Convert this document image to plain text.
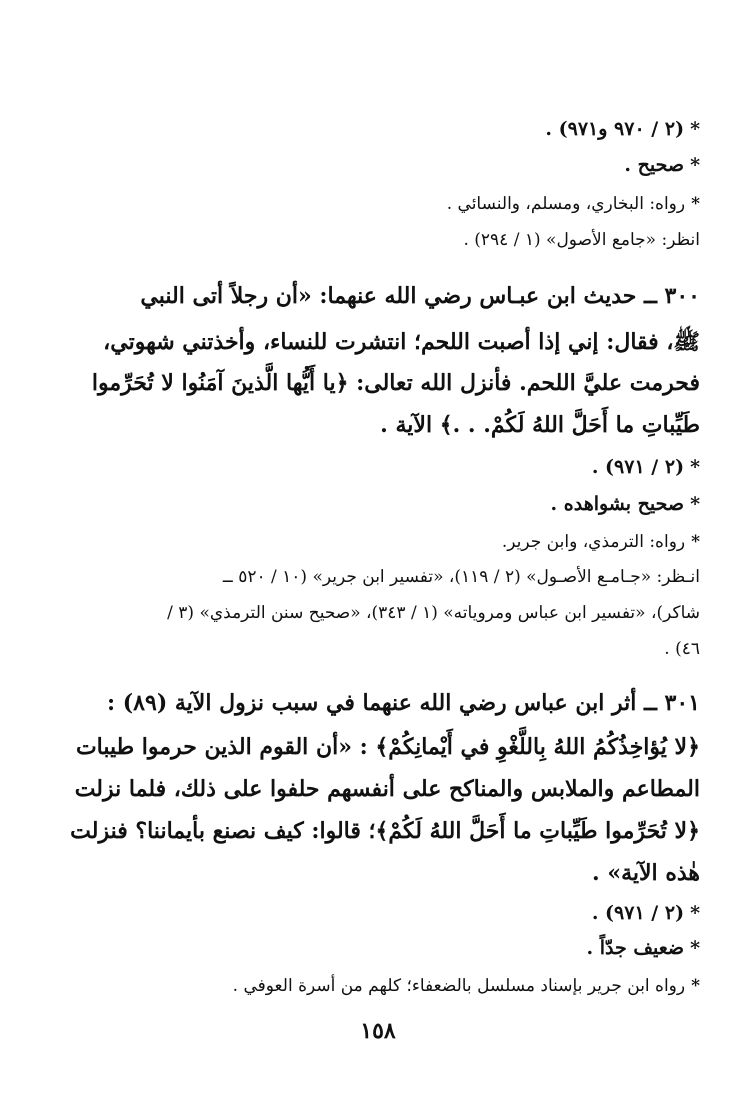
*(٢ / ٩٧٠ و٩٧١) .
*صحيح .
*رواه: البخاري، ومسلم، والنسائي .
انظر: «جامع الأصول» (١ / ٢٩٤) .
٣٠٠ ــ حديث ابن عبـاس رضي الله عنهما: «أن رجلاً أتى النبي
ﷺ، فقال: إني إذا أصبت اللحم؛ انتشرت للنساء، وأخذتني شهوتي،
فحرمت عليَّ اللحم. فأنزل الله تعالى: ﴿يا أَيُّها الَّذينَ آمَنُوا لا تُحَرِّموا
طَيِّباتِ ما أَحَلَّ اللهُ لَكُمْ. . .﴾ الآية .
*(٢ / ٩٧١) .
*صحيح بشواهده .
*رواه: الترمذي، وابن جرير.
انـظر: «جـامـع الأصـول» (٢ / ١١٩)، «تفسير ابن جرير» (١٠ / ٥٢٠ ــ
شاكر)، «تفسير ابن عباس ومروياته» (١ / ٣٤٣)، «صحيح سنن الترمذي» (٣ /
٤٦) .
٣٠١ ــ أثر ابن عباس رضي الله عنهما في سبب نزول الآية (٨٩) :
﴿لا يُؤاخِذُكُمُ اللهُ بِاللَّغْوِ في أَيْمانِكُمْ﴾ : «أن القوم الذين حرموا طيبات
المطاعم والملابس والمناكح على أنفسهم حلفوا على ذلك، فلما نزلت
﴿لا تُحَرِّموا طَيِّباتِ ما أَحَلَّ اللهُ لَكُمْ﴾؛ قالوا: كيف نصنع بأيماننا؟ فنزلت
هٰذه الآية» .
*(٢ / ٩٧١) .
*ضعيف جدّاً .
*رواه ابن جرير بإسناد مسلسل بالضعفاء؛ كلهم من أسرة العوفي .
١٥٨
